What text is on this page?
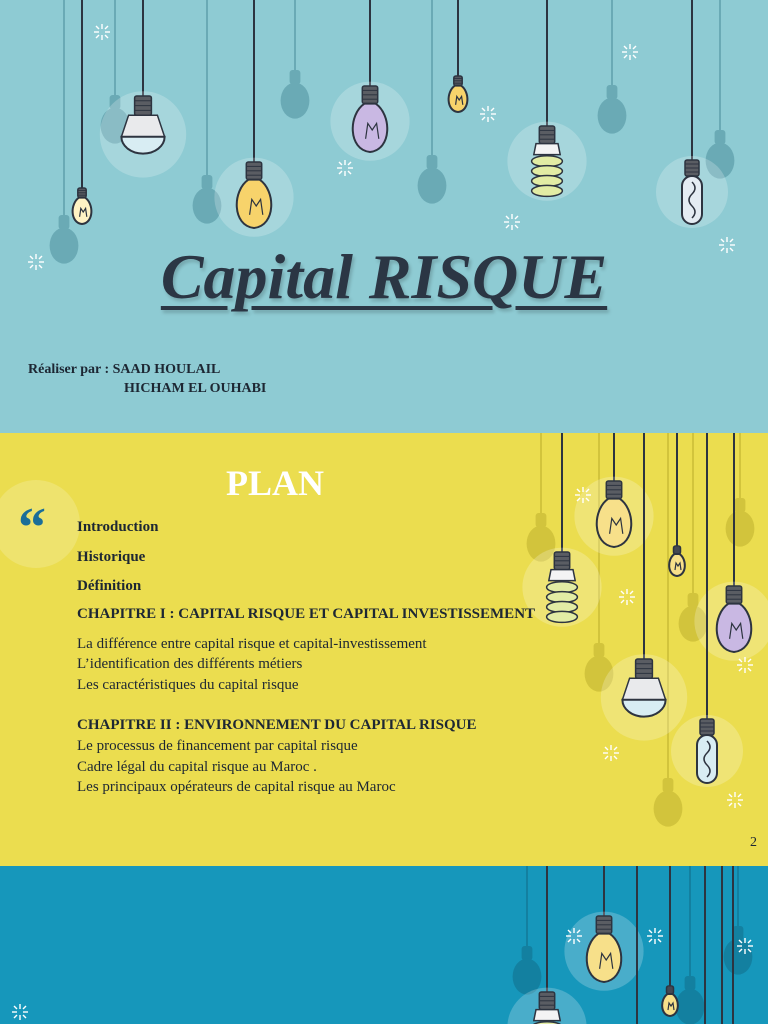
Capital RISQUE
Réaliser par : SAAD HOULAIL
HICHAM EL OUHABI
“
PLAN
Introduction
Historique
Définition
CHAPITRE I : CAPITAL RISQUE ET CAPITAL INVESTISSEMENT
La différence entre capital risque et capital-investissement
L’identification des différents métiers
Les caractéristiques du capital risque
CHAPITRE II : ENVIRONNEMENT DU CAPITAL RISQUE
Le processus de financement par capital risque
Cadre légal du capital risque au Maroc .
Les principaux opérateurs de capital risque au Maroc
2
